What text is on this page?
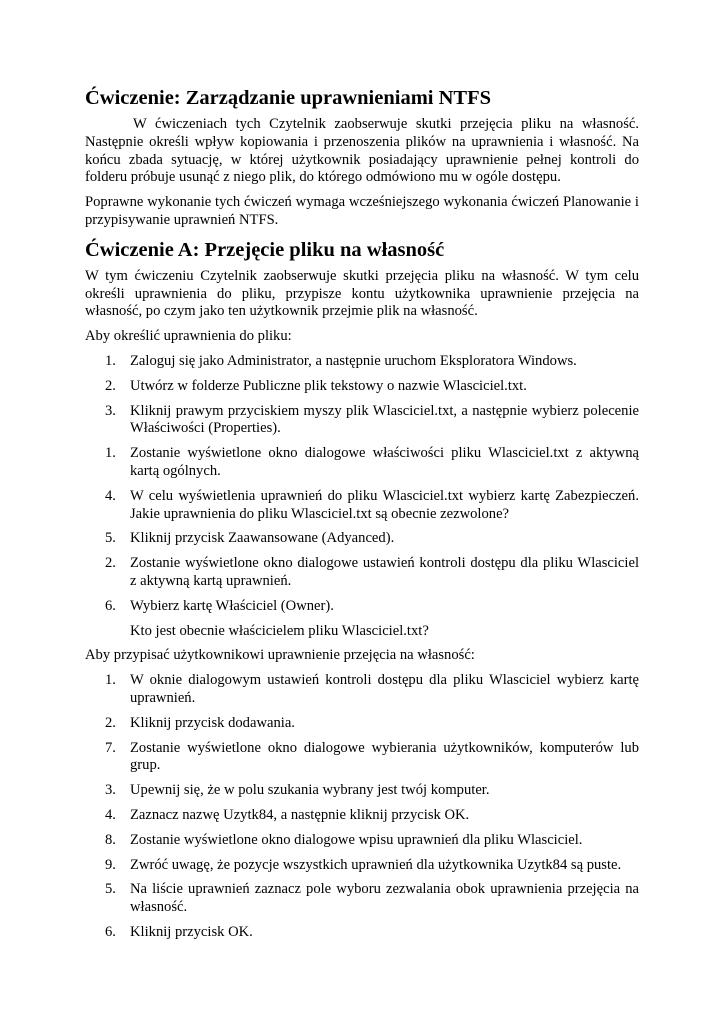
Ćwiczenie: Zarządzanie uprawnieniami NTFS

W ćwiczeniach tych Czytelnik zaobserwuje skutki przejęcia pliku na własność. Następnie określi wpływ kopiowania i przenoszenia plików na uprawnienia i własność. Na końcu zbada sytuację, w której użytkownik posiadający uprawnienie pełnej kontroli do folderu próbuje usunąć z niego plik, do którego odmówiono mu w ogóle dostępu.

Poprawne wykonanie tych ćwiczeń wymaga wcześniejszego wykonania ćwiczeń Planowanie i przypisywanie uprawnień NTFS.

Ćwiczenie A: Przejęcie pliku na własność

W tym ćwiczeniu Czytelnik zaobserwuje skutki przejęcia pliku na własność. W tym celu określi uprawnienia do pliku, przypisze kontu użytkownika uprawnienie przejęcia na własność, po czym jako ten użytkownik przejmie plik na własność.

Aby określić uprawnienia do pliku:

1. Zaloguj się jako Administrator, a następnie uruchom Eksploratora Windows.
2. Utwórz w folderze Publiczne plik tekstowy o nazwie Wlasciciel.txt.
3. Kliknij prawym przyciskiem myszy plik Wlasciciel.txt, a następnie wybierz polecenie Właściwości (Properties).
1. Zostanie wyświetlone okno dialogowe właściwości pliku Wlasciciel.txt z aktywną kartą ogólnych.
4. W celu wyświetlenia uprawnień do pliku Wlasciciel.txt wybierz kartę Zabezpieczeń. Jakie uprawnienia do pliku Wlasciciel.txt są obecnie zezwolone?
5. Kliknij przycisk Zaawansowane (Adyanced).
2. Zostanie wyświetlone okno dialogowe ustawień kontroli dostępu dla pliku Wlasciciel z aktywną kartą uprawnień.
6. Wybierz kartę Właściciel (Owner).
Kto jest obecnie właścicielem pliku Wlasciciel.txt?

Aby przypisać użytkownikowi uprawnienie przejęcia na własność:

1. W oknie dialogowym ustawień kontroli dostępu dla pliku Wlasciciel wybierz kartę uprawnień.
2. Kliknij przycisk dodawania.
7. Zostanie wyświetlone okno dialogowe wybierania użytkowników, komputerów lub grup.
3. Upewnij się, że w polu szukania wybrany jest twój komputer.
4. Zaznacz nazwę Uzytk84, a następnie kliknij przycisk OK.
8. Zostanie wyświetlone okno dialogowe wpisu uprawnień dla pliku Wlasciciel.
9. Zwróć uwagę, że pozycje wszystkich uprawnień dla użytkownika Uzytk84 są puste.
5. Na liście uprawnień zaznacz pole wyboru zezwalania obok uprawnienia przejęcia na własność.
6. Kliknij przycisk OK.
